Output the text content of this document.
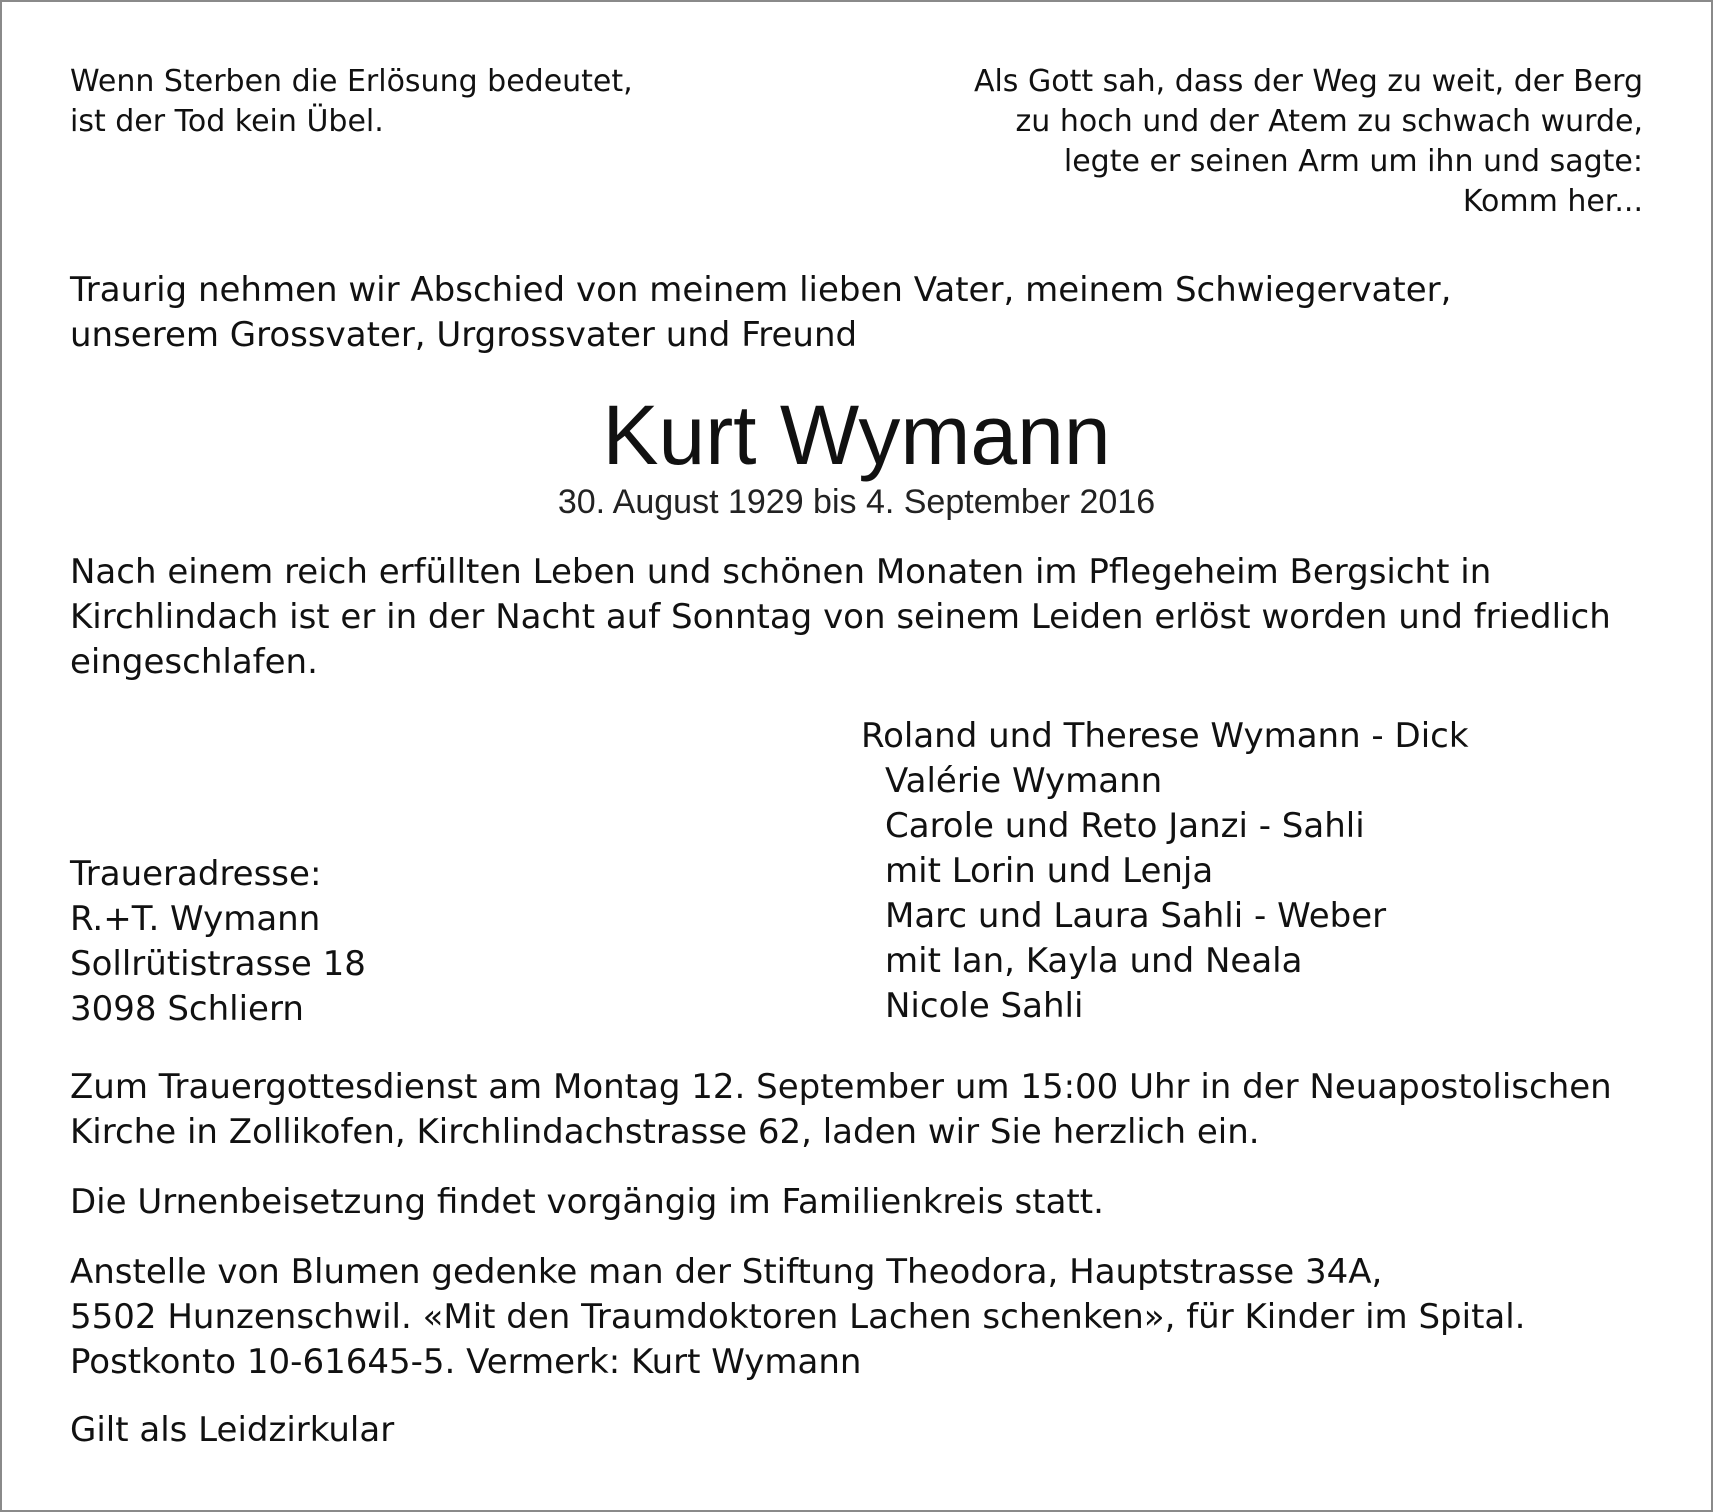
Wenn Sterben die Erlösung bedeutet,
ist der Tod kein Übel.
Als Gott sah, dass der Weg zu weit, der Berg
zu hoch und der Atem zu schwach wurde,
legte er seinen Arm um ihn und sagte:
Komm her...
Traurig nehmen wir Abschied von meinem lieben Vater, meinem Schwiegervater,
unserem Grossvater, Urgrossvater und Freund
Kurt Wymann
30. August 1929 bis 4. September 2016
Nach einem reich erfüllten Leben und schönen Monaten im Pflegeheim Bergsicht in
Kirchlindach ist er in der Nacht auf Sonntag von seinem Leiden erlöst worden und friedlich
eingeschlafen.
Roland und Therese Wymann - Dick
Valérie Wymann
Carole und Reto Janzi - Sahli
mit Lorin und Lenja
Marc und Laura Sahli - Weber
mit Ian, Kayla und Neala
Nicole Sahli
Traueradresse:
R.+T. Wymann
Sollrütistrasse 18
3098 Schliern
Zum Trauergottesdienst am Montag 12. September um 15:00 Uhr in der Neuapostolischen
Kirche in Zollikofen, Kirchlindachstrasse 62, laden wir Sie herzlich ein.
Die Urnenbeisetzung findet vorgängig im Familienkreis statt.
Anstelle von Blumen gedenke man der Stiftung Theodora, Hauptstrasse 34A,
5502 Hunzenschwil. «Mit den Traumdoktoren Lachen schenken», für Kinder im Spital.
Postkonto 10-61645-5. Vermerk: Kurt Wymann
Gilt als Leidzirkular
